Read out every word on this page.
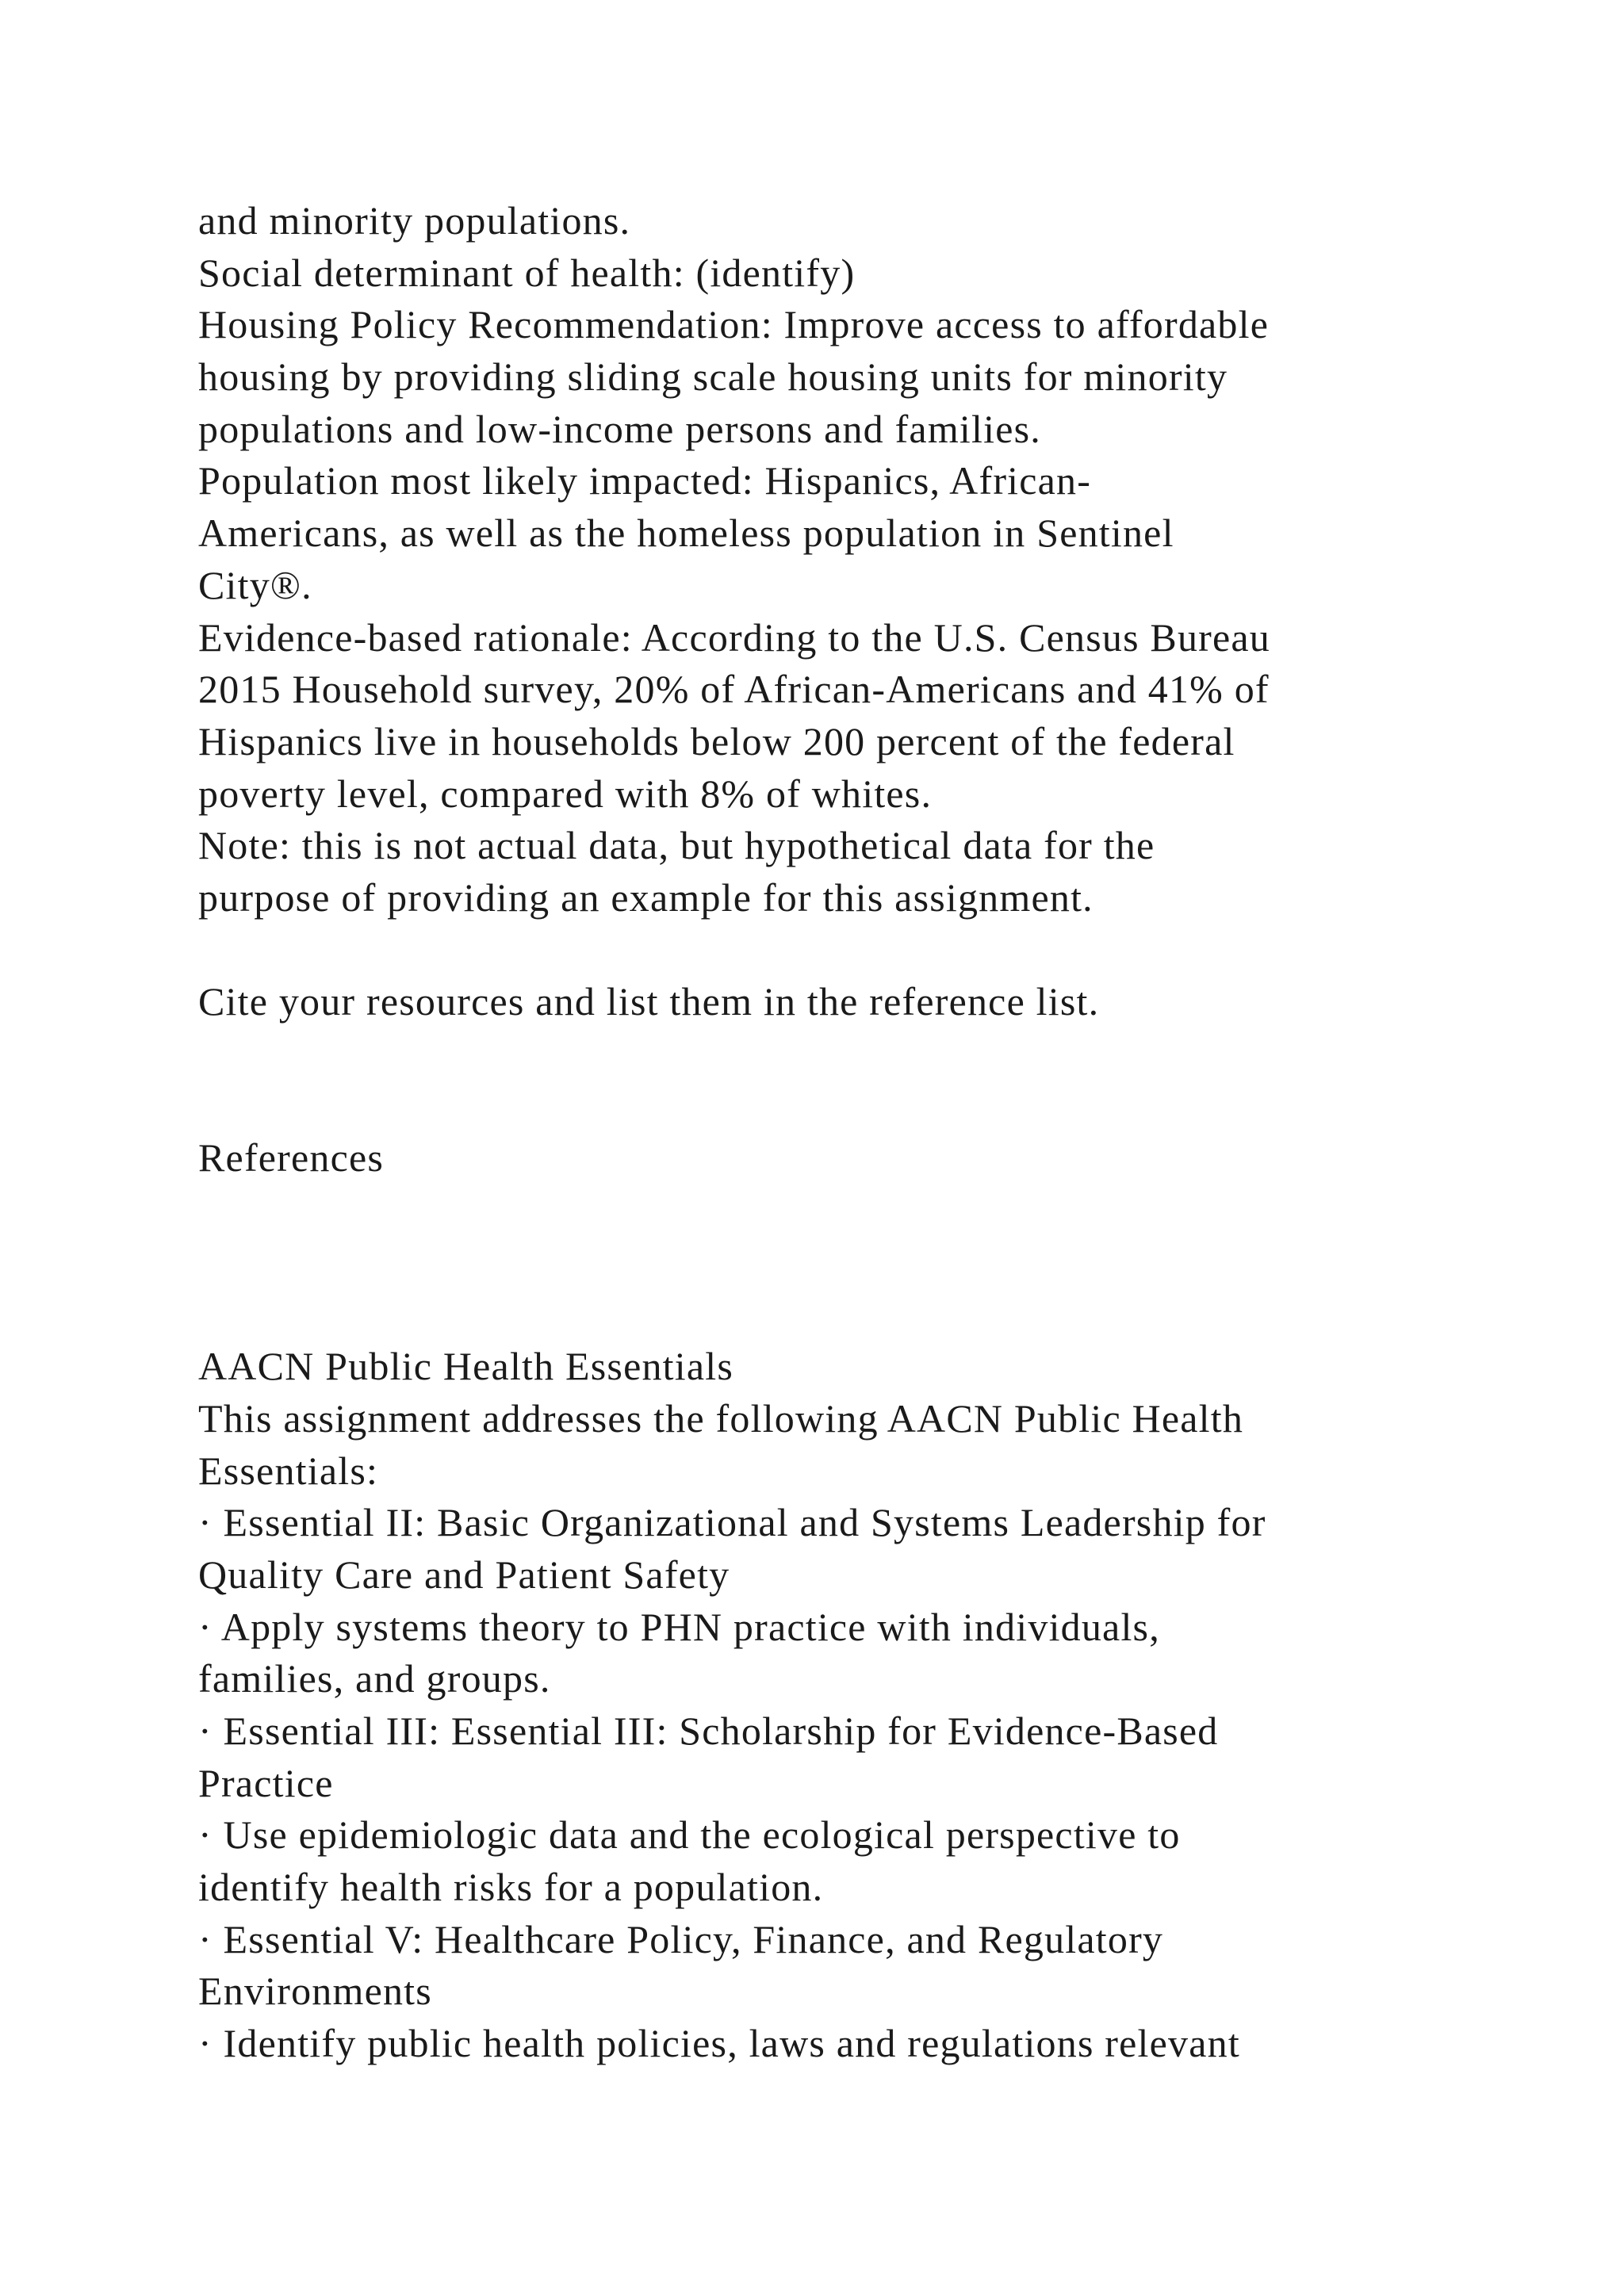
and minority populations.
Social determinant of health: (identify)
Housing Policy Recommendation: Improve access to affordable
housing by providing sliding scale housing units for minority
populations and low-income persons and families.
Population most likely impacted: Hispanics, African-
Americans, as well as the homeless population in Sentinel
City®.
Evidence-based rationale: According to the U.S. Census Bureau
2015 Household survey, 20% of African-Americans and 41% of
Hispanics live in households below 200 percent of the federal
poverty level, compared with 8% of whites.
Note: this is not actual data, but hypothetical data for the
purpose of providing an example for this assignment.
Cite your resources and list them in the reference list.
References
AACN Public Health Essentials
This assignment addresses the following AACN Public Health
Essentials:
· Essential II: Basic Organizational and Systems Leadership for
Quality Care and Patient Safety
· Apply systems theory to PHN practice with individuals,
families, and groups.
· Essential III: Essential III: Scholarship for Evidence-Based
Practice
· Use epidemiologic data and the ecological perspective to
identify health risks for a population.
· Essential V: Healthcare Policy, Finance, and Regulatory
Environments
· Identify public health policies, laws and regulations relevant
